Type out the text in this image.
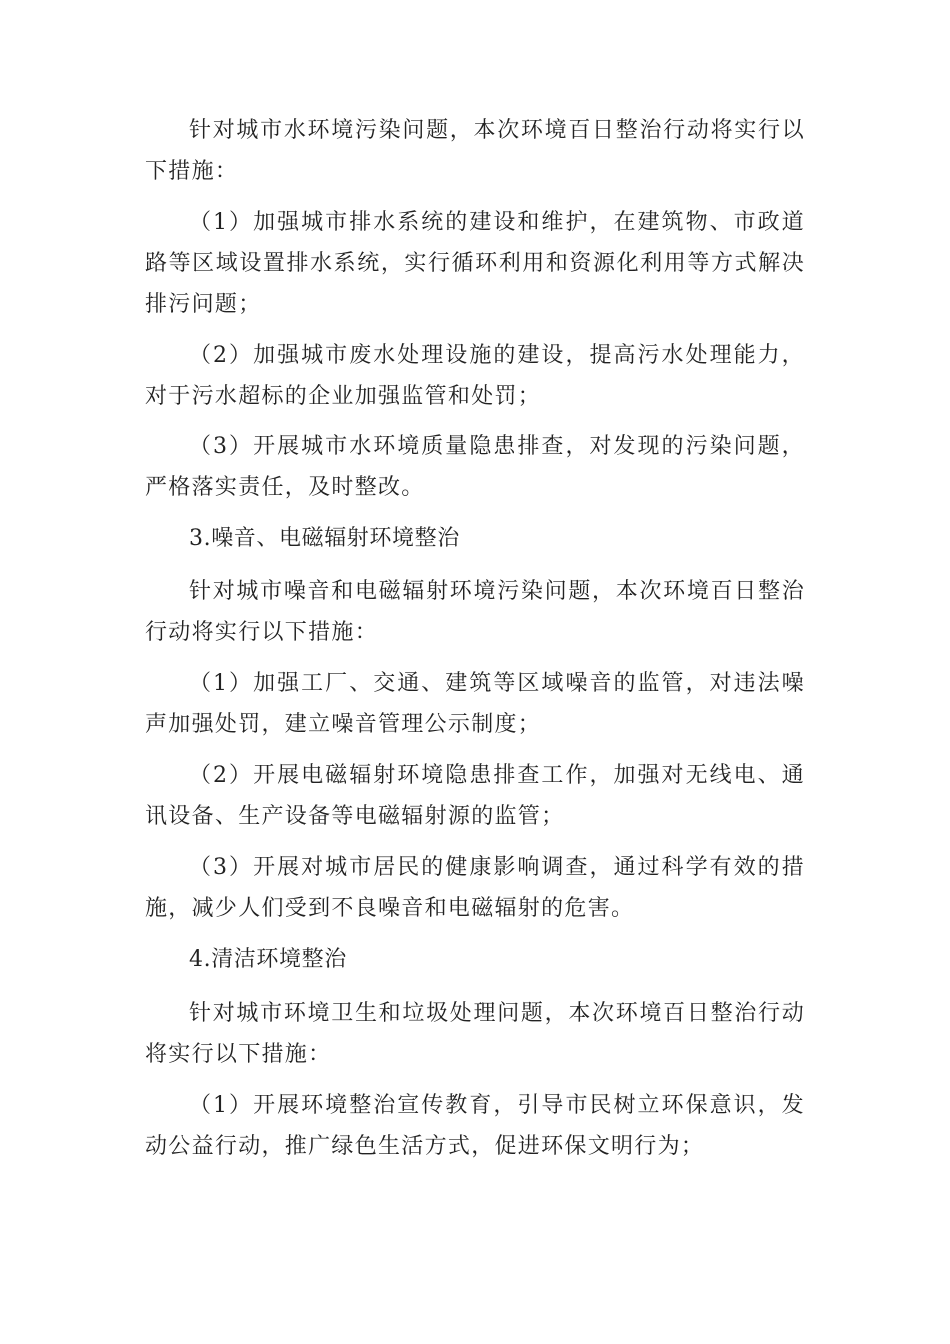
针对城市水环境污染问题，本次环境百日整治行动将实行以下措施：

（1）加强城市排水系统的建设和维护，在建筑物、市政道路等区域设置排水系统，实行循环利用和资源化利用等方式解决排污问题；

（2）加强城市废水处理设施的建设，提高污水处理能力，对于污水超标的企业加强监管和处罚；

（3）开展城市水环境质量隐患排查，对发现的污染问题，严格落实责任，及时整改。

3.噪音、电磁辐射环境整治

针对城市噪音和电磁辐射环境污染问题，本次环境百日整治行动将实行以下措施：

（1）加强工厂、交通、建筑等区域噪音的监管，对违法噪声加强处罚，建立噪音管理公示制度；

（2）开展电磁辐射环境隐患排查工作，加强对无线电、通讯设备、生产设备等电磁辐射源的监管；

（3）开展对城市居民的健康影响调查，通过科学有效的措施，减少人们受到不良噪音和电磁辐射的危害。

4.清洁环境整治

针对城市环境卫生和垃圾处理问题，本次环境百日整治行动将实行以下措施：

（1）开展环境整治宣传教育，引导市民树立环保意识，发动公益行动，推广绿色生活方式，促进环保文明行为；
